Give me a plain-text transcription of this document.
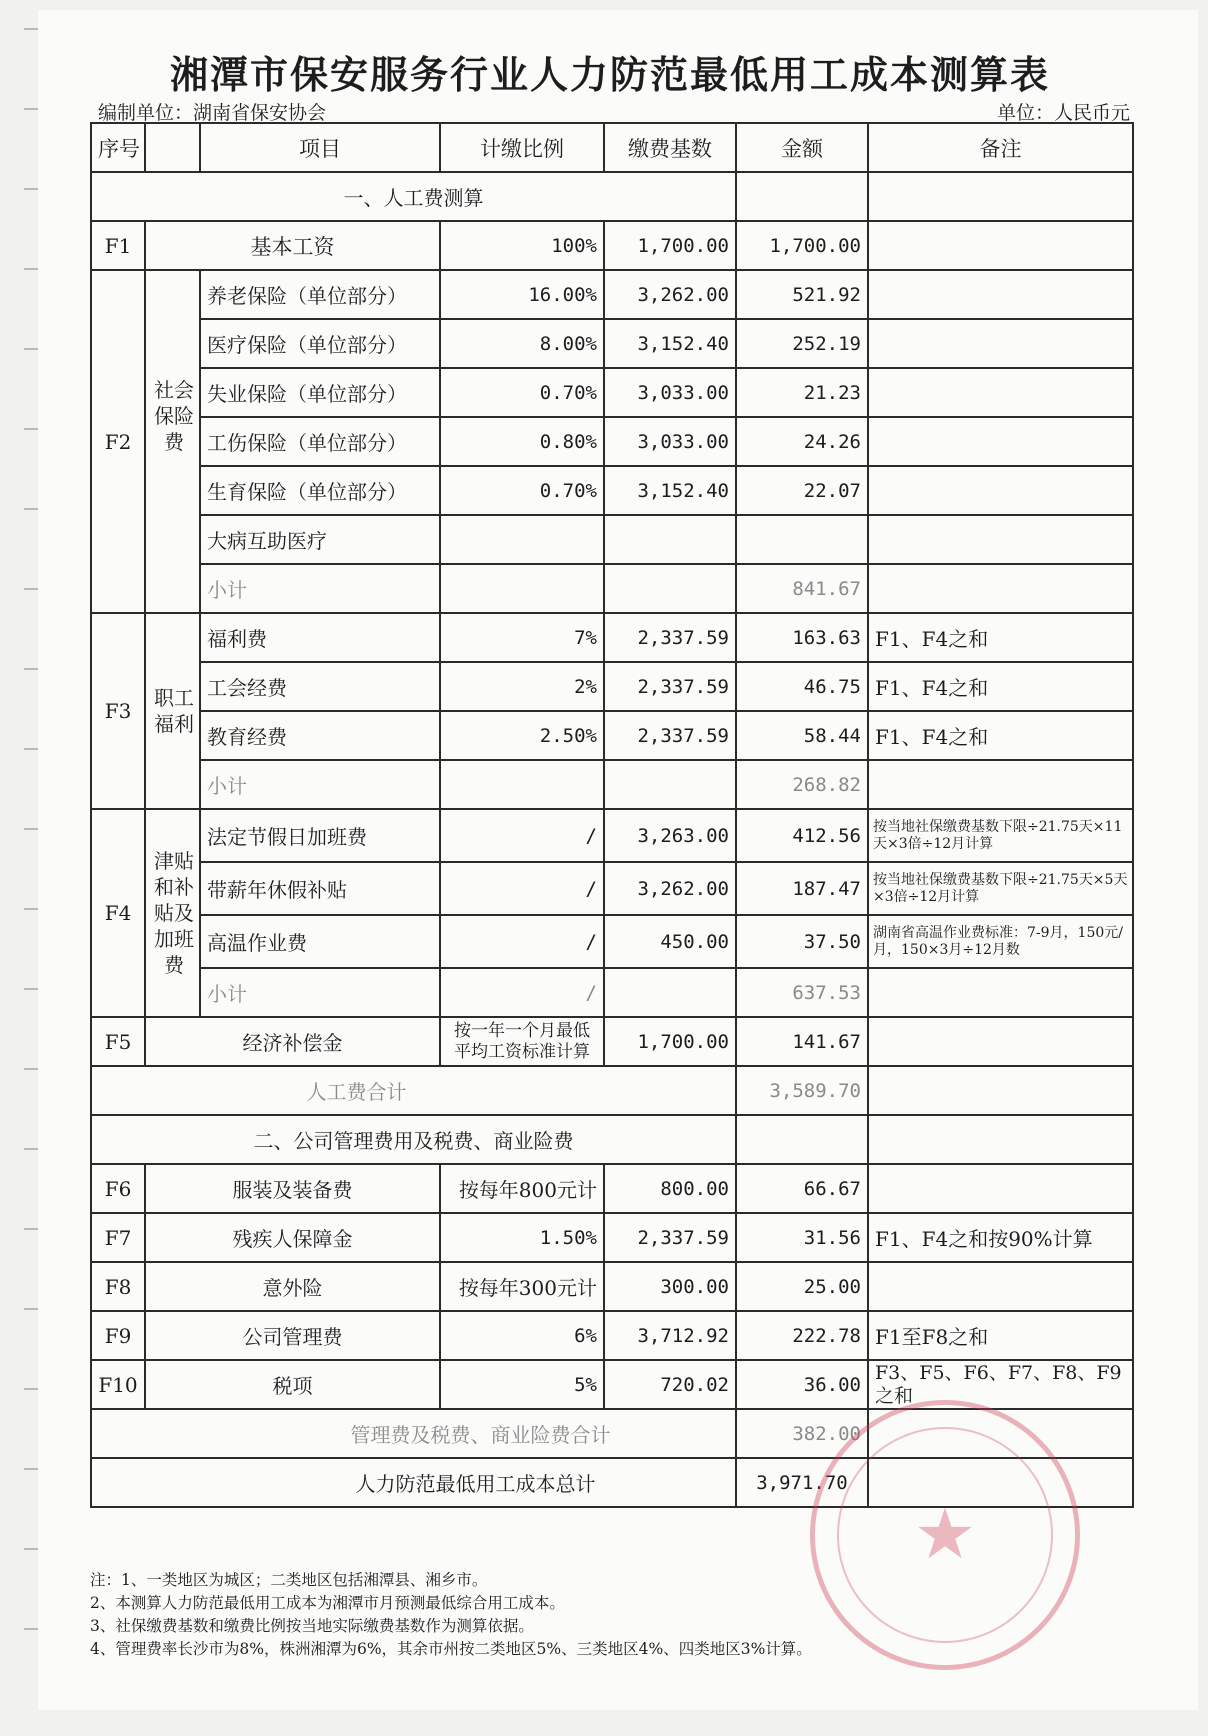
湘潭市保安服务行业人力防范最低用工成本测算表
编制单位：湖南省保安协会	单位：人民币元
序号		项目	计缴比例	缴费基数	金额	备注
一、人工费测算						
F1	基本工资		100%	1,700.00	1,700.00	
F2	社会保险费	养老保险（单位部分）	16.00%	3,262.00	521.92	
		医疗保险（单位部分）	8.00%	3,152.40	252.19	
		失业保险（单位部分）	0.70%	3,033.00	21.23	
		工伤保险（单位部分）	0.80%	3,033.00	24.26	
		生育保险（单位部分）	0.70%	3,152.40	22.07	
		大病互助医疗				
		小计			841.67	
F3	职工福利	福利费	7%	2,337.59	163.63	F1、F4之和
		工会经费	2%	2,337.59	46.75	F1、F4之和
		教育经费	2.50%	2,337.59	58.44	F1、F4之和
		小计			268.82	
F4	津贴和补贴及加班费	法定节假日加班费	/	3,263.00	412.56	按当地社保缴费基数下限÷21.75天×11天×3倍÷12月计算
		带薪年休假补贴	/	3,262.00	187.47	按当地社保缴费基数下限÷21.75天×5天×3倍÷12月计算
		高温作业费	/	450.00	37.50	湖南省高温作业费标准：7-9月，150元/月，150×3月÷12月数
		小计	/		637.53	
F5	经济补偿金		按一年一个月最低平均工资标准计算	1,700.00	141.67	
人工费合计					3,589.70	
二、公司管理费用及税费、商业险费						
F6	服装及装备费		按每年800元计	800.00	66.67	
F7	残疾人保障金		1.50%	2,337.59	31.56	F1、F4之和按90%计算
F8	意外险		按每年300元计	300.00	25.00	
F9	公司管理费		6%	3,712.92	222.78	F1至F8之和
F10	税项		5%	720.02	36.00	F3、F5、F6、F7、F8、F9之和
管理费及税费、商业险费合计					382.00	
人力防范最低用工成本总计					3,971.70	
★
注：1、一类地区为城区；二类地区包括湘潭县、湘乡市。
2、本测算人力防范最低用工成本为湘潭市月预测最低综合用工成本。
3、社保缴费基数和缴费比例按当地实际缴费基数作为测算依据。
4、管理费率长沙市为8%，株洲湘潭为6%，其余市州按二类地区5%、三类地区4%、四类地区3%计算。
